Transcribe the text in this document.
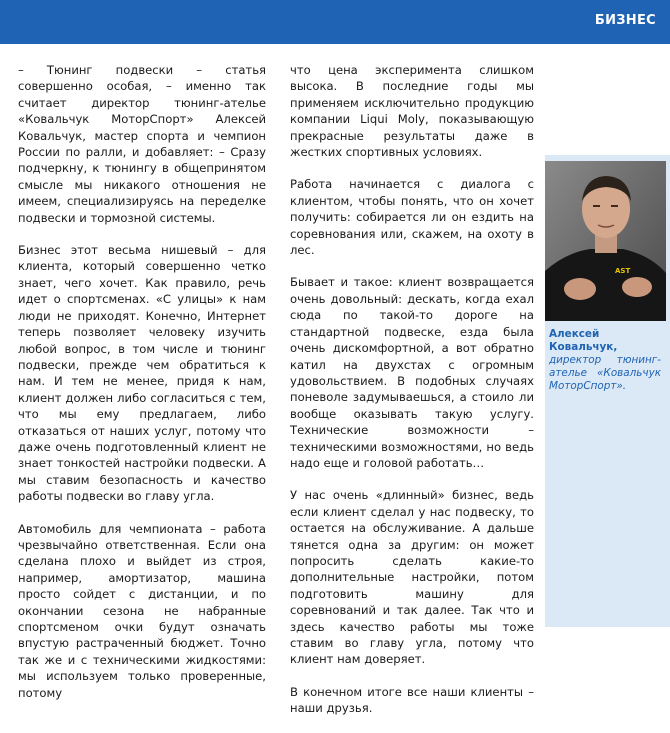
БИЗНЕС

– Тюнинг подвески – статья совершенно особая, – именно так считает директор тюнинг-ателье «Ковальчук МоторСпорт» Алексей Ковальчук, мастер спорта и чемпион России по ралли, и добавляет: – Сразу подчеркну, к тюнингу в общепринятом смысле мы никакого отношения не имеем, специализируясь на переделке подвески и тормозной системы.

Бизнес этот весьма нишевый – для клиента, который совершенно четко знает, чего хочет. Как правило, речь идет о спортсменах. «С улицы» к нам люди не приходят. Конечно, Интернет теперь позволяет человеку изучить любой вопрос, в том числе и тюнинг подвески, прежде чем обратиться к нам. И тем не менее, придя к нам, клиент должен либо согласиться с тем, что мы ему предлагаем, либо отказаться от наших услуг, потому что даже очень подготовленный клиент не знает тонкостей настройки подвески. А мы ставим безопасность и качество работы подвески во главу угла.

Автомобиль для чемпионата – работа чрезвычайно ответственная. Если она сделана плохо и выйдет из строя, например, амортизатор, машина просто сойдет с дистанции, и по окончании сезона не набранные спортсменом очки будут означать впустую растраченный бюджет. Точно так же и с техническими жидкостями: мы используем только проверенные, потому

что цена эксперимента слишком высока. В последние годы мы применяем исключительно продукцию компании Liqui Moly, показывающую прекрасные результаты даже в жестких спортивных условиях.

Работа начинается с диалога с клиентом, чтобы понять, что он хочет получить: собирается ли он ездить на соревнования или, скажем, на охоту в лес.

Бывает и такое: клиент возвращается очень довольный: дескать, когда ехал сюда по такой-то дороге на стандартной подвеске, езда была очень дискомфортной, а вот обратно катил на двухстах с огромным удовольствием. В подобных случаях поневоле задумываешься, а стоило ли вообще оказывать такую услугу. Технические возможности – техническими возможностями, но ведь надо еще и головой работать…

У нас очень «длинный» бизнес, ведь если клиент сделал у нас подвеску, то остается на обслуживание. А дальше тянется одна за другим: он может попросить сделать какие-то дополнительные настройки, потом подготовить машину для соревнований и так далее. Так что и здесь качество работы мы тоже ставим во главу угла, потому что клиент нам доверяет.

В конечном итоге все наши клиенты – наши друзья.

AST
Алексей Ковальчук, директор тюнинг-ателье «Ковальчук МоторСпорт».
